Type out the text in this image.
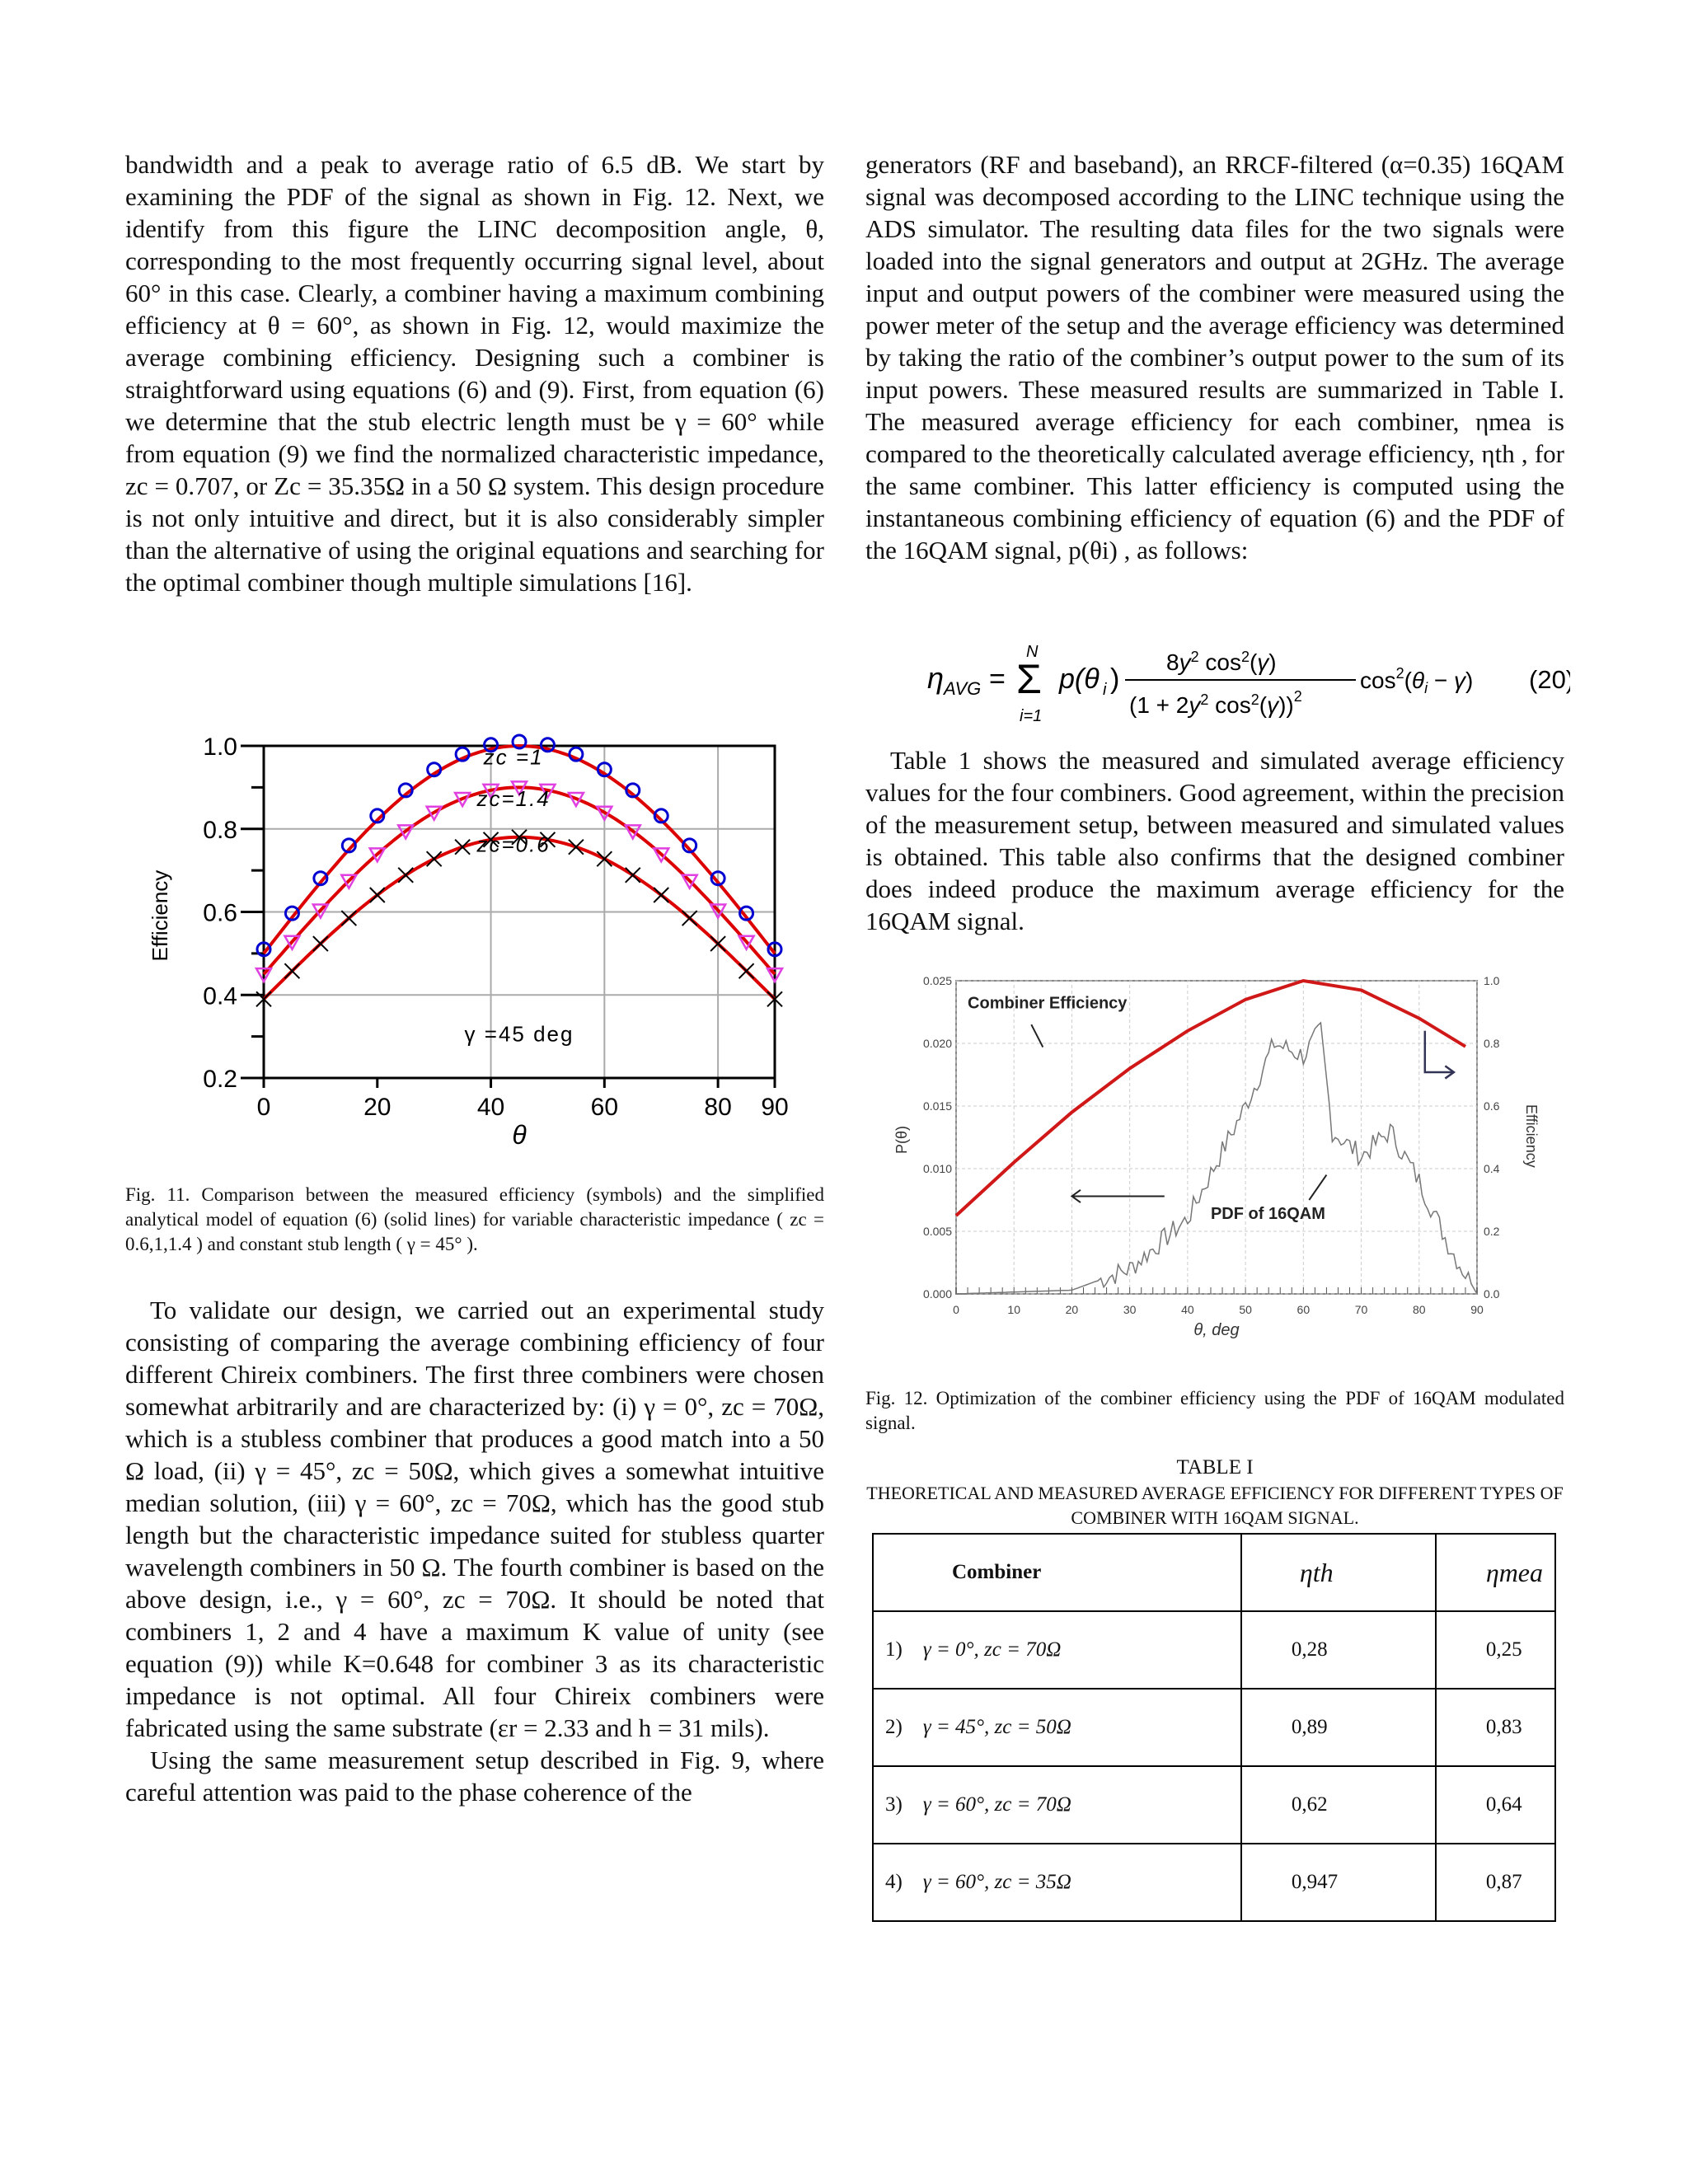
bandwidth and a peak to average ratio of 6.5 dB. We start by examining the PDF of the signal as shown in Fig. 12. Next, we identify from this figure the LINC decomposition angle, θ, corresponding to the most frequently occurring signal level, about 60° in this case. Clearly, a combiner having a maximum combining efficiency at θ = 60°, as shown in Fig. 12, would maximize the average combining efficiency. Designing such a combiner is straightforward using equations (6) and (9). First, from equation (6) we determine that the stub electric length must be γ = 60° while from equation (9) we find the normalized characteristic impedance, zc = 0.707, or Zc = 35.35Ω in a 50 Ω system. This design procedure is not only intuitive and direct, but it is also considerably simpler than the alternative of using the original equations and searching for the optimal combiner though multiple simulations [16].

0.2
0.4
0.6
0.8
1.0
0	20	40	60	80 90
θ
Efficiency
γ =45 deg
zc =1
zc=1.4
zc=0.6
Fig. 11. Comparison between the measured efficiency (symbols) and the simplified analytical model of equation (6) (solid lines) for variable characteristic impedance ( zc = 0.6,1,1.4 ) and constant stub length ( γ = 45° ).

To validate our design, we carried out an experimental study consisting of comparing the average combining efficiency of four different Chireix combiners. The first three combiners were chosen somewhat arbitrarily and are characterized by: (i) γ = 0°, zc = 70Ω, which is a stubless combiner that produces a good match into a 50 Ω load, (ii) γ = 45°, zc = 50Ω, which gives a somewhat intuitive median solution, (iii) γ = 60°, zc = 70Ω, which has the good stub length but the characteristic impedance suited for stubless quarter wavelength combiners in 50 Ω. The fourth combiner is based on the above design, i.e., γ = 60°, zc = 70Ω. It should be noted that combiners 1, 2 and 4 have a maximum K value of unity (see equation (9)) while K=0.648 for combiner 3 as its characteristic impedance is not optimal. All four Chireix combiners were fabricated using the same substrate (εr = 2.33 and h = 31 mils).

Using the same measurement setup described in Fig. 9, where careful attention was paid to the phase coherence of the

generators (RF and baseband), an RRCF-filtered (α=0.35) 16QAM signal was decomposed according to the LINC technique using the ADS simulator. The resulting data files for the two signals were loaded into the signal generators and output at 2GHz. The average input and output powers of the combiner were measured using the power meter of the setup and the average efficiency was determined by taking the ratio of the combiner’s output power to the sum of its input powers. These measured results are summarized in Table I. The measured average efficiency for each combiner, ηmea is compared to the theoretically calculated average efficiency, ηth , for the same combiner. This latter efficiency is computed using the instantaneous combining efficiency of equation (6) and the PDF of the 16QAM signal, p(θi) , as follows:

η AVG = Σ
N
i=1
p(θ i )
$8y^2$ $\cos^2(\gamma)$
($1 + 2y^2$ $\cos^2(\gamma))^2$
$\cos^2(\theta_i - \gamma)$ (20)

Table 1 shows the measured and simulated average efficiency values for the four combiners. Good agreement, within the precision of the measurement setup, between measured and simulated values is obtained. This table also confirms that the designed combiner does indeed produce the maximum average efficiency for the 16QAM signal.

0.000
0.005
0.010
0.015
0.020
0.025
0.0
0.2
0.4
0.6
0.8
1.0
0	10	20	30	40	50	60	70	80	90
θ, deg
P(θ)	Efficiency
Combiner Efficiency
PDF of 16QAM
Fig. 12. Optimization of the combiner efficiency using the PDF of 16QAM modulated signal.
TABLE I
THEORETICAL AND MEASURED AVERAGE EFFICIENCY FOR DIFFERENT TYPES OF COMBINER WITH 16QAM SIGNAL.
Combiner	ηth	ηmea
1) γ = 0°, zc = 70Ω	0,28	0,25
2) γ = 45°, zc = 50Ω	0,89	0,83
3) γ = 60°, zc = 70Ω	0,62	0,64
4) γ = 60°, zc = 35Ω	0,947	0,87
